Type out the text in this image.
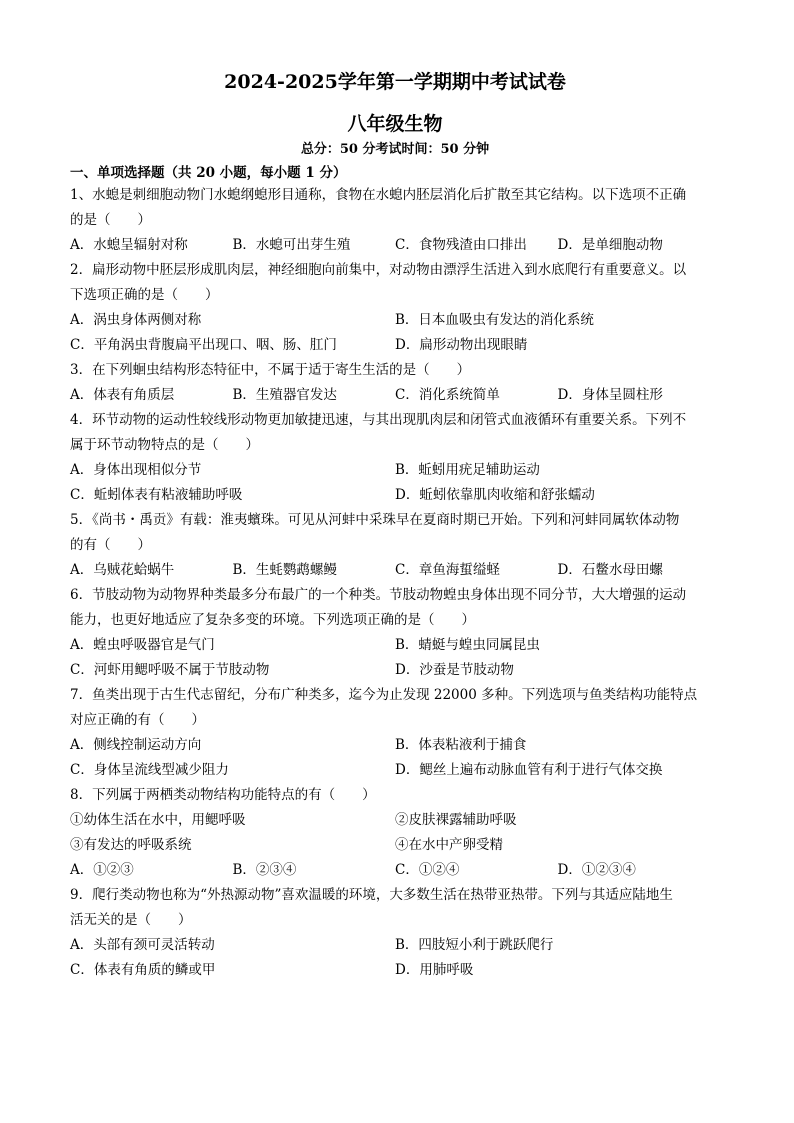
2024-2025学年第一学期期中考试试卷
八年级生物
总分：50 分考试时间：50 分钟
一、单项选择题（共 20 小题，每小题 1 分）
1、水螅是刺细胞动物门水螅纲螅形目通称，食物在水螅内胚层消化后扩散至其它结构。以下选项不正确
的是（　　）
A．水螅呈辐射对称	B．水螅可出芽生殖	C．食物残渣由口排出	D．是单细胞动物
2．扁形动物中胚层形成肌肉层，神经细胞向前集中，对动物由漂浮生活进入到水底爬行有重要意义。以
下选项正确的是（　　）
A．涡虫身体两侧对称	B．日本血吸虫有发达的消化系统
C．平角涡虫背腹扁平出现口、咽、肠、肛门	D．扁形动物出现眼睛
3．在下列蛔虫结构形态特征中，不属于适于寄生生活的是（　　）
A．体表有角质层	B．生殖器官发达	C．消化系统简单	D．身体呈圆柱形
4．环节动物的运动性较线形动物更加敏捷迅速，与其出现肌肉层和闭管式血液循环有重要关系。下列不
属于环节动物特点的是（　　）
A．身体出现相似分节	B．蚯蚓用疣足辅助运动
C．蚯蚓体表有粘液辅助呼吸	D．蚯蚓依靠肌肉收缩和舒张蠕动
5．《尚书・禹贡》有载：淮夷蠙珠。可见从河蚌中采珠早在夏商时期已开始。下列和河蚌同属软体动物
的有（　　）
A．乌贼花蛤蜗牛	B．生蚝鹦鹉螺鳗	C．章鱼海蜇缢蛏	D．石鳖水母田螺
6．节肢动物为动物界种类最多分布最广的一个种类。节肢动物蝗虫身体出现不同分节，大大增强的运动
能力，也更好地适应了复杂多变的环境。下列选项正确的是（　　）
A．蝗虫呼吸器官是气门	B．蜻蜓与蝗虫同属昆虫
C．河虾用鳃呼吸不属于节肢动物	D．沙蚕是节肢动物
7．鱼类出现于古生代志留纪，分布广种类多，迄今为止发现 22000 多种。下列选项与鱼类结构功能特点
对应正确的有（　　）
A．侧线控制运动方向	B．体表粘液利于捕食
C．身体呈流线型减少阻力	D．鳃丝上遍布动脉血管有利于进行气体交换
8．下列属于两栖类动物结构功能特点的有（　　）
①幼体生活在水中，用鳃呼吸	②皮肤裸露辅助呼吸
③有发达的呼吸系统	④在水中产卵受精
A．①②③	B．②③④	C．①②④	D．①②③④
9．爬行类动物也称为“外热源动物”喜欢温暖的环境，大多数生活在热带亚热带。下列与其适应陆地生
活无关的是（　　）
A．头部有颈可灵活转动	B．四肢短小利于跳跃爬行
C．体表有角质的鳞或甲	D．用肺呼吸
